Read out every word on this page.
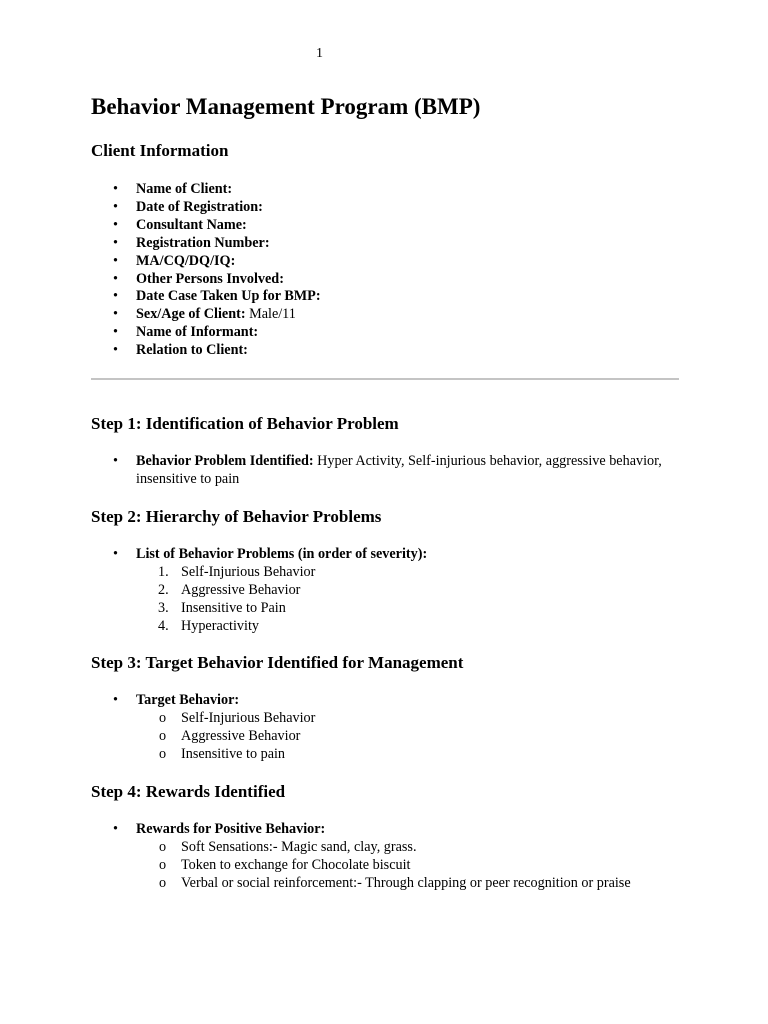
1
Behavior Management Program (BMP)
Client Information
• Name of Client:
• Date of Registration:
• Consultant Name:
• Registration Number:
• MA/CQ/DQ/IQ:
• Other Persons Involved:
• Date Case Taken Up for BMP:
• Sex/Age of Client: Male/11
• Name of Informant:
• Relation to Client:
Step 1: Identification of Behavior Problem
• Behavior Problem Identified: Hyper Activity, Self-injurious behavior, aggressive behavior, insensitive to pain
Step 2: Hierarchy of Behavior Problems
• List of Behavior Problems (in order of severity):
1. Self-Injurious Behavior
2. Aggressive Behavior
3. Insensitive to Pain
4. Hyperactivity
Step 3: Target Behavior Identified for Management
• Target Behavior:
o Self-Injurious Behavior
o Aggressive Behavior
o Insensitive to pain
Step 4: Rewards Identified
• Rewards for Positive Behavior:
o Soft Sensations:- Magic sand, clay, grass.
o Token to exchange for Chocolate biscuit
o Verbal or social reinforcement:- Through clapping or peer recognition or praise
